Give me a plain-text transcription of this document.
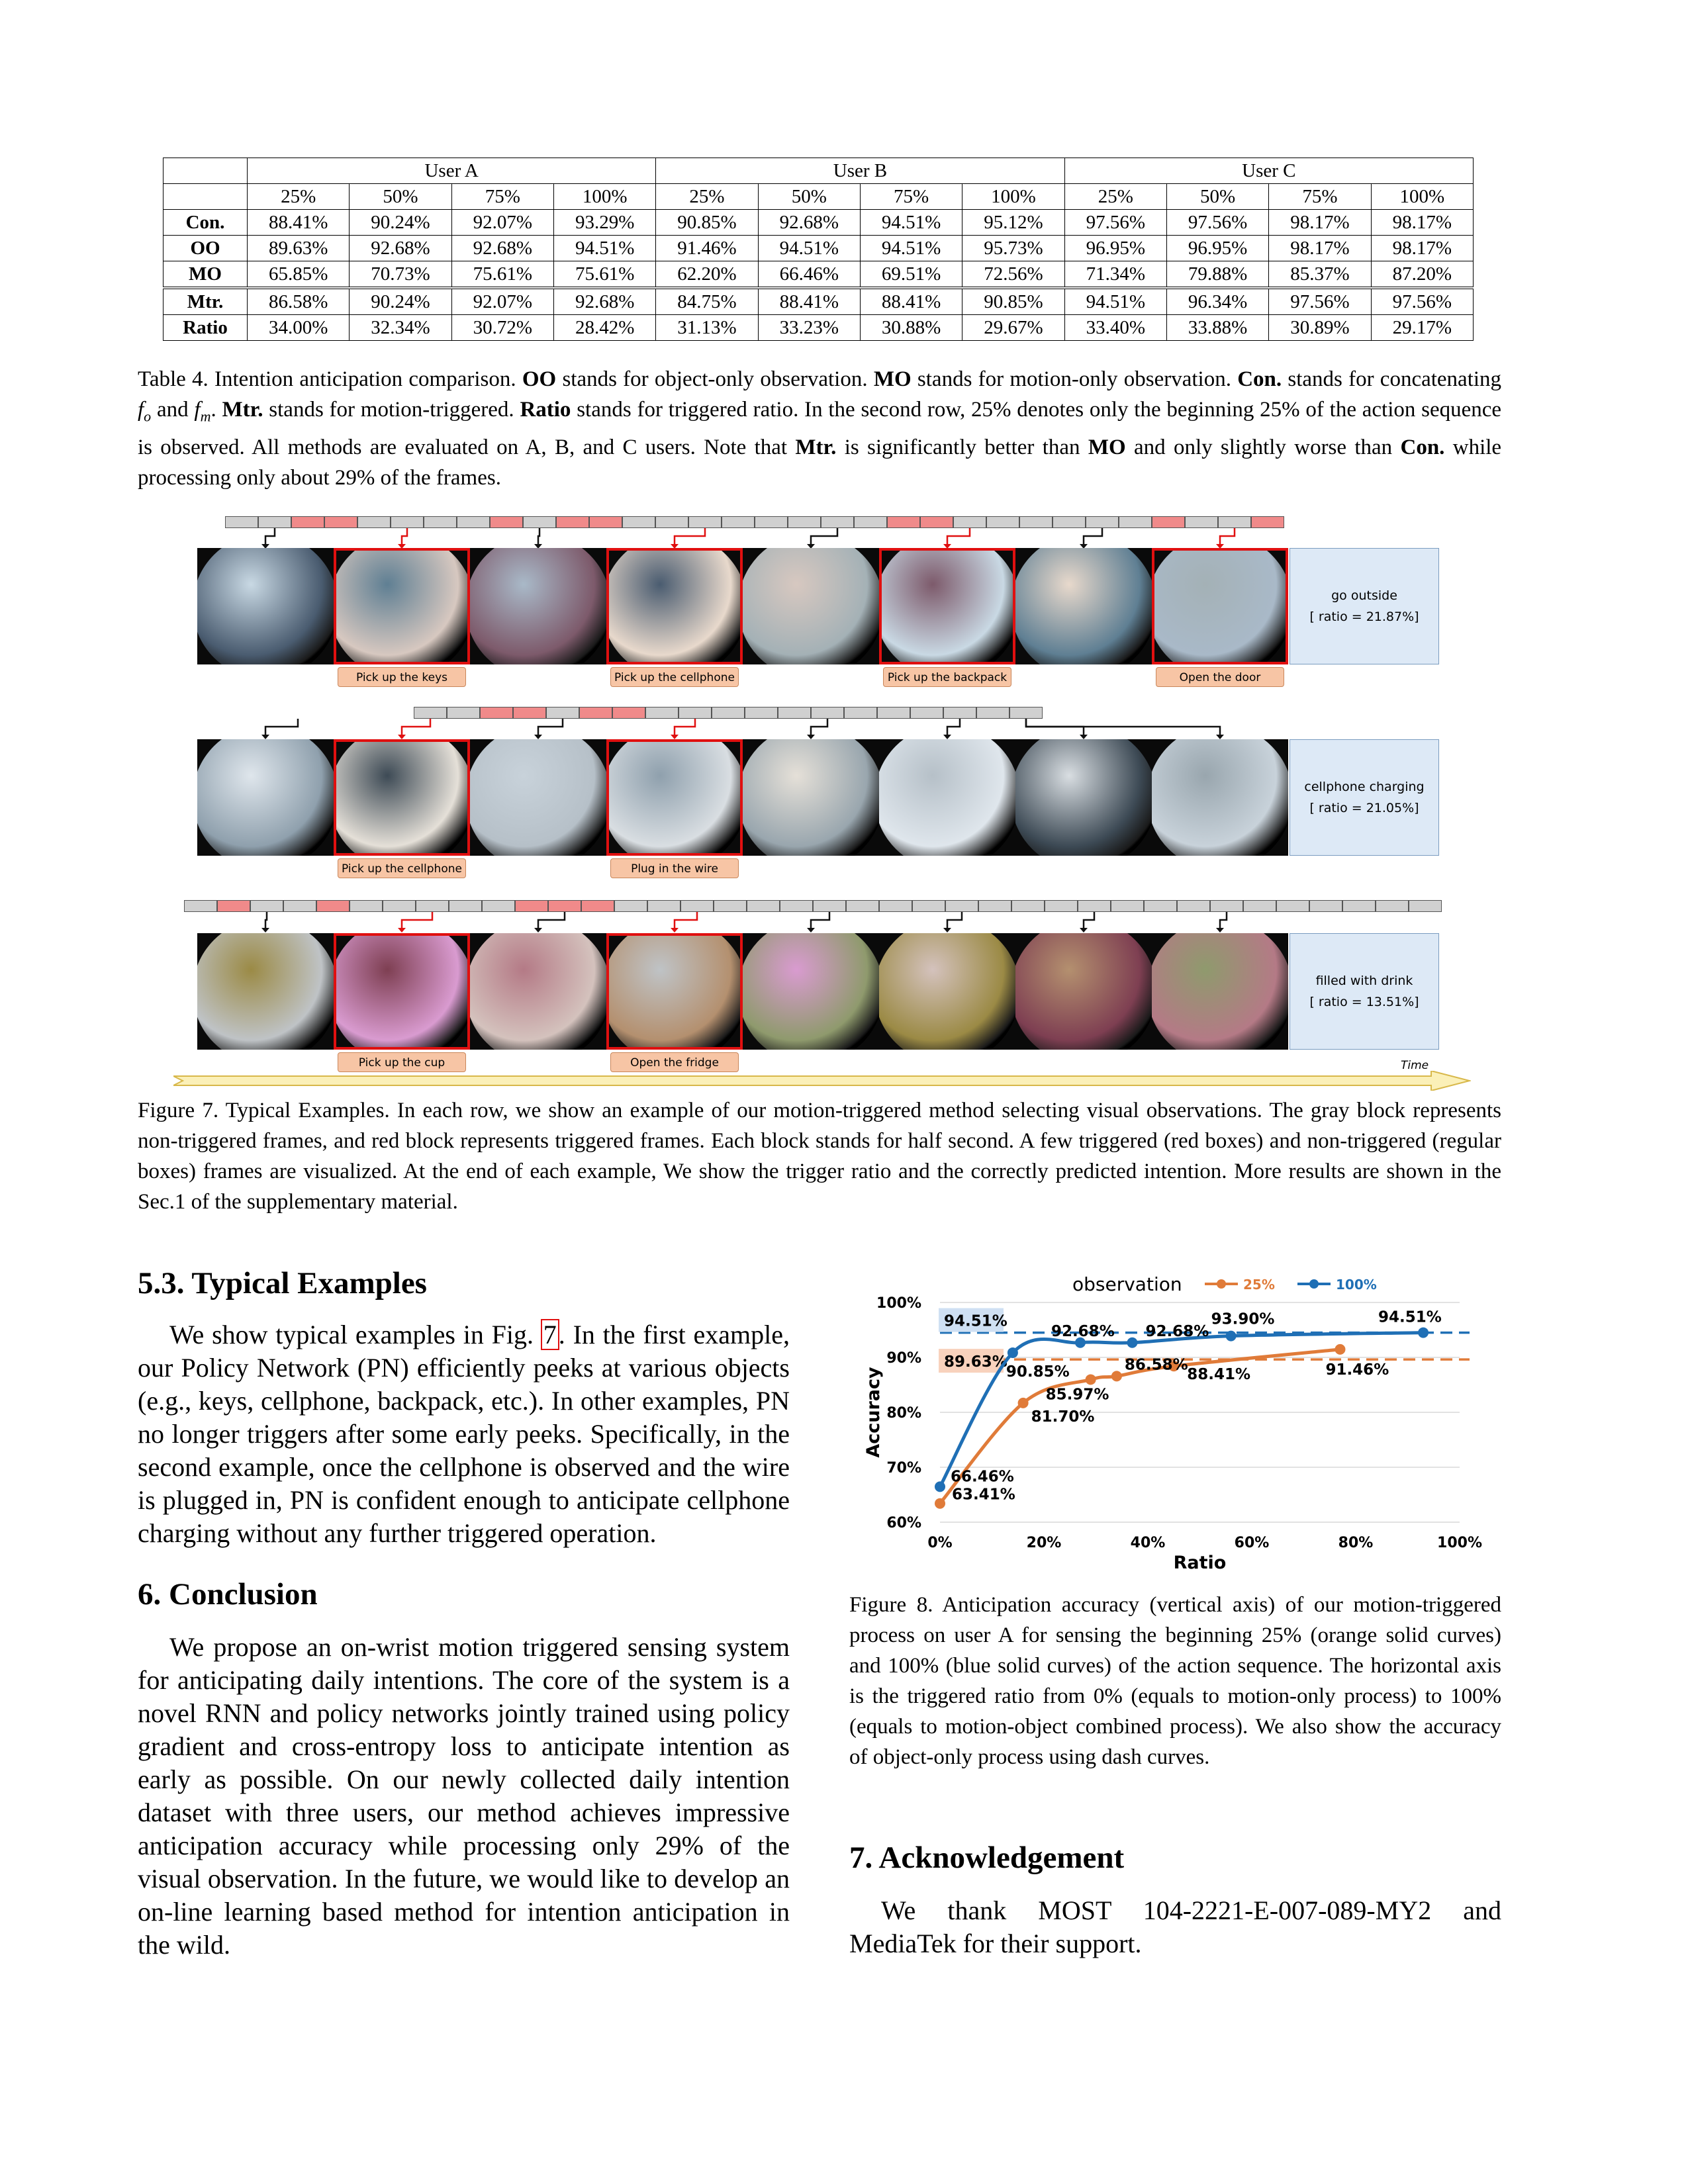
	User A				User B				User C			
	25%	50%	75%	100%	25%	50%	75%	100%	25%	50%	75%	100%
Con.	88.41%	90.24%	92.07%	93.29%	90.85%	92.68%	94.51%	95.12%	97.56%	97.56%	98.17%	98.17%
OO	89.63%	92.68%	92.68%	94.51%	91.46%	94.51%	94.51%	95.73%	96.95%	96.95%	98.17%	98.17%
MO	65.85%	70.73%	75.61%	75.61%	62.20%	66.46%	69.51%	72.56%	71.34%	79.88%	85.37%	87.20%
Mtr.	86.58%	90.24%	92.07%	92.68%	84.75%	88.41%	88.41%	90.85%	94.51%	96.34%	97.56%	97.56%
Ratio	34.00%	32.34%	30.72%	28.42%	31.13%	33.23%	30.88%	29.67%	33.40%	33.88%	30.89%	29.17%
Table 4. Intention anticipation comparison. OO stands for object-only observation. MO stands for motion-only observation. Con. stands for concatenating $f_o$ and $f_m$. Mtr. stands for motion-triggered. Ratio stands for triggered ratio. In the second row, 25% denotes only the beginning 25% of the action sequence is observed. All methods are evaluated on A, B, and C users. Note that Mtr. is significantly better than MO and only slightly worse than Con. while processing only about 29% of the frames.
Pick up the keys	Pick up the cellphone	Pick up the backpack	Open the door
go outside
[ ratio = 21.87%]
Pick up the cellphone	Plug in the wire
cellphone charging
[ ratio = 21.05%]
Pick up the cup	Open the fridge
filled with drink
[ ratio = 13.51%]
Time
Figure 7. Typical Examples. In each row, we show an example of our motion-triggered method selecting visual observations. The gray block represents non-triggered frames, and red block represents triggered frames. Each block stands for half second. A few triggered (red boxes) and non-triggered (regular boxes) frames are visualized. At the end of each example, We show the trigger ratio and the correctly predicted intention. More results are shown in the Sec.1 of the supplementary material.
5.3. Typical Examples
We show typical examples in Fig. 7. In the first example, our Policy Network (PN) efficiently peeks at various objects (e.g., keys, cellphone, backpack, etc.). In other examples, PN no longer triggers after some early peeks. Specifically, in the second example, once the cellphone is observed and the wire is plugged in, PN is confident enough to anticipate cellphone charging without any further triggered operation.
6. Conclusion
We propose an on-wrist motion triggered sensing system for anticipating daily intentions. The core of the system is a novel RNN and policy networks jointly trained using policy gradient and cross-entropy loss to anticipate intention as early as possible. On our newly collected daily intention dataset with three users, our method achieves impressive anticipation accuracy while processing only 29% of the visual observation. In the future, we would like to develop an on-line learning based method for intention anticipation in the wild.
60%
70%
80%
90%
100%
0%	20%	40%	60%	80%	100%
Ratio
Accuracy
observation	25%	100%
94.51%
89.63%
63.41%
81.70%
85.97%
86.58%
88.41%	91.46%
66.46%
90.85%
92.68% 92.68%
93.90%	94.51%
Figure 8. Anticipation accuracy (vertical axis) of our motion-triggered process on user A for sensing the beginning 25% (orange solid curves) and 100% (blue solid curves) of the action sequence. The horizontal axis is the triggered ratio from 0% (equals to motion-only process) to 100% (equals to motion-object combined process). We also show the accuracy of object-only process using dash curves.
7. Acknowledgement
We thank MOST 104-2221-E-007-089-MY2 and MediaTek for their support.
